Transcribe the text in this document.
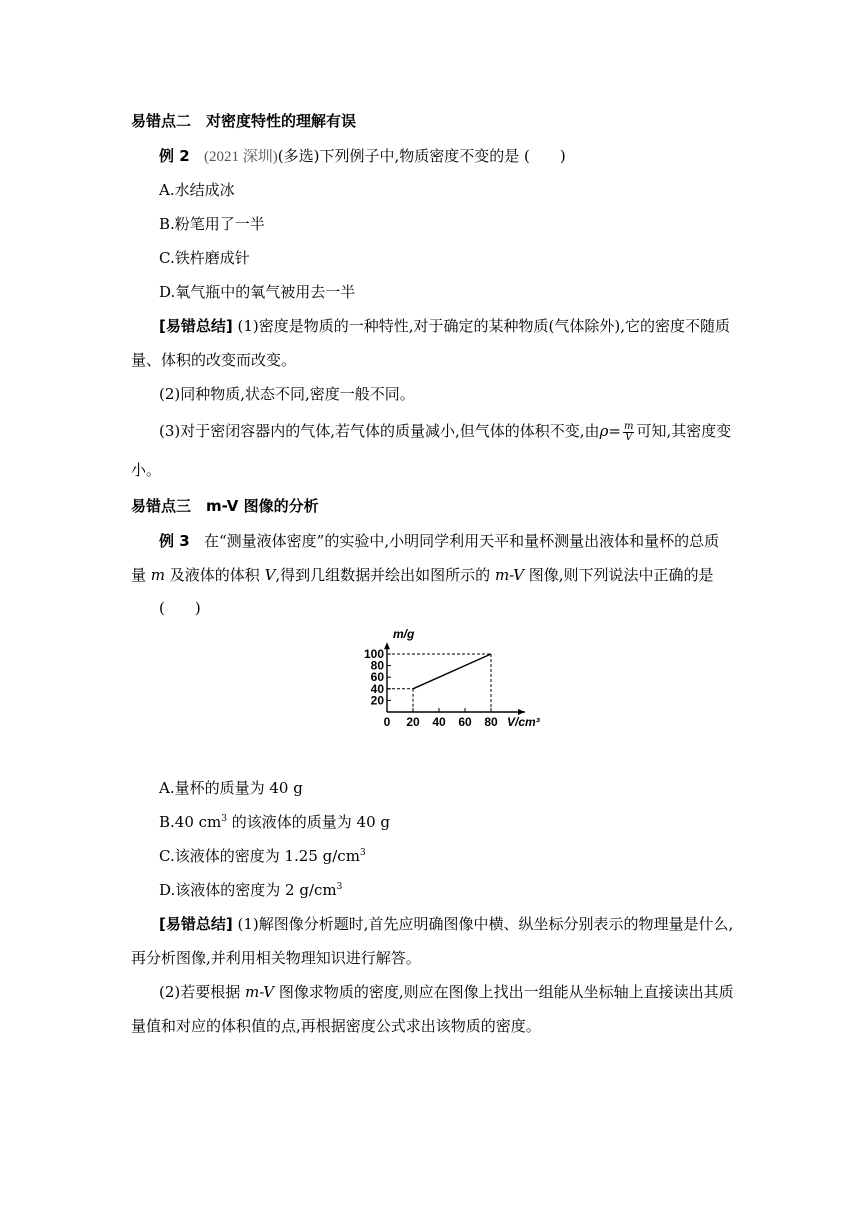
易错点二　对密度特性的理解有误
例 2 (2021 深圳)(多选)下列例子中,物质密度不变的是 (　　)
A.水结成冰
B.粉笔用了一半
C.铁杵磨成针
D.氧气瓶中的氧气被用去一半
[易错总结] (1)密度是物质的一种特性,对于确定的某种物质(气体除外),它的密度不随质
量、体积的改变而改变。
(2)同种物质,状态不同,密度一般不同。
(3)对于密闭容器内的气体,若气体的质量减小,但气体的体积不变,由$\rho= \frac{m}{V}$ 可知,其密度变
小。
易错点三　m-V 图像的分析
例 3 在“测量液体密度”的实验中,小明同学利用天平和量杯测量出液体和量杯的总质
量 m 及液体的体积 V,得到几组数据并绘出如图所示的 m-V 图像,则下列说法中正确的是
(　　)
20 40 60 80
20
40
60
80
100
0
m/g
V/cm³
A.量杯的质量为 40 g
B.40 $cm^3$ 的该液体的质量为 40 g
C.该液体的密度为 1.25 $g/cm^3$
D.该液体的密度为 2 $g/cm^3$
[易错总结] (1)解图像分析题时,首先应明确图像中横、纵坐标分别表示的物理量是什么,
再分析图像,并利用相关物理知识进行解答。
(2)若要根据 m-V 图像求物质的密度,则应在图像上找出一组能从坐标轴上直接读出其质
量值和对应的体积值的点,再根据密度公式求出该物质的密度。
